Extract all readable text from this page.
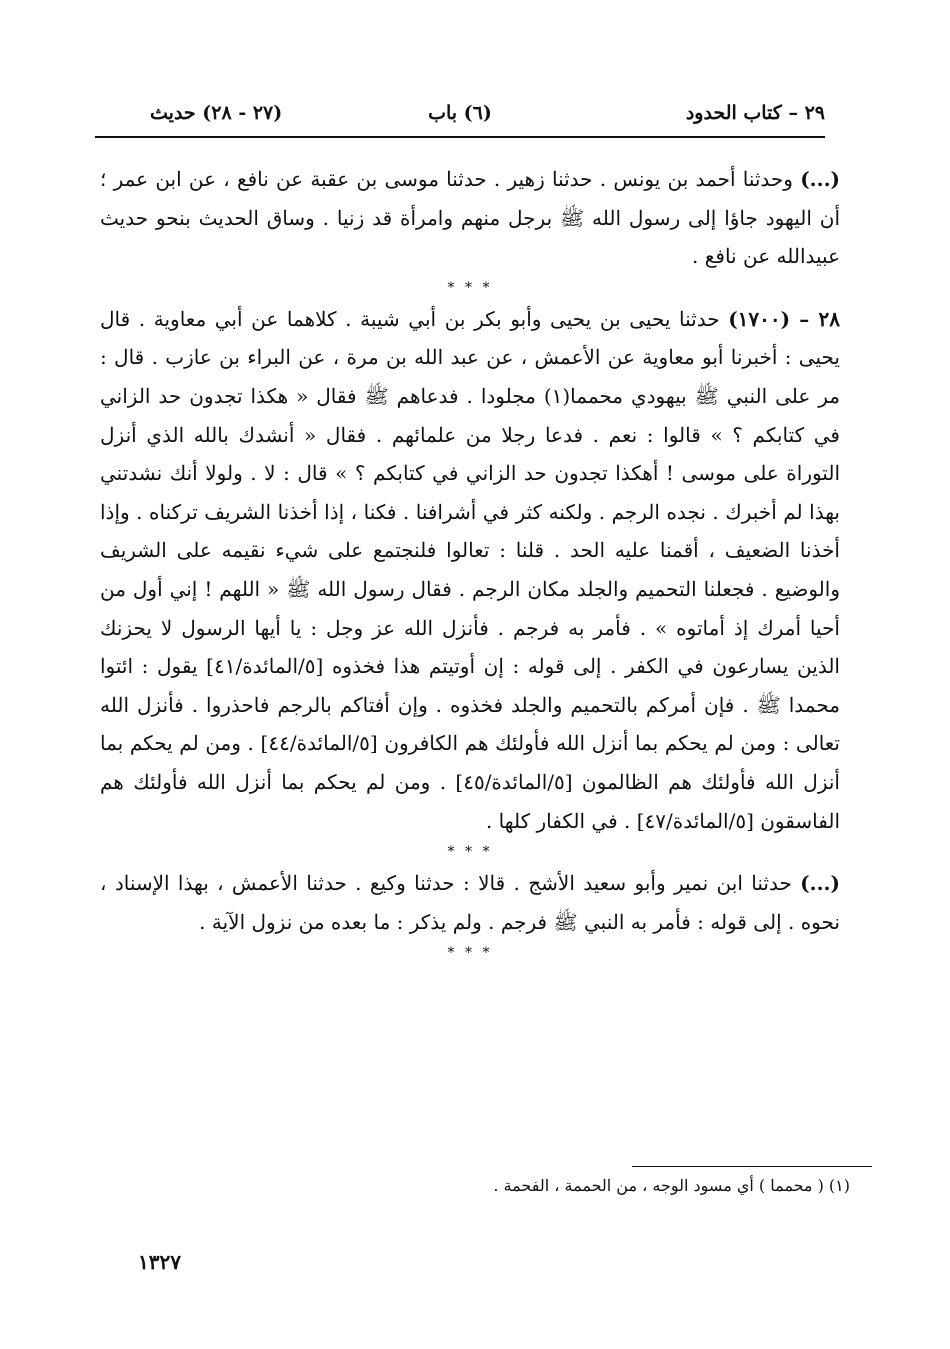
٢٩ – كتاب الحدود
(٦) باب
(٢٧ - ٢٨) حديث

(...) وحدثنا أحمد بن يونس . حدثنا زهير . حدثنا موسى بن عقبة عن نافع ، عن ابن عمر ؛ أن اليهود جاؤا إلى رسول الله ﷺ برجل منهم وامرأة قد زنيا . وساق الحديث بنحو حديث عبيدالله عن نافع .

* * *

٢٨ – (١٧٠٠) حدثنا يحيى بن يحيى وأبو بكر بن أبي شيبة . كلاهما عن أبي معاوية . قال يحيى : أخبرنا أبو معاوية عن الأعمش ، عن عبد الله بن مرة ، عن البراء بن عازب . قال : مر على النبي ﷺ بيهودي محمما(١) مجلودا . فدعاهم ﷺ فقال « هكذا تجدون حد الزاني في كتابكم ؟ » قالوا : نعم . فدعا رجلا من علمائهم . فقال « أنشدك بالله الذي أنزل التوراة على موسى ! أهكذا تجدون حد الزاني في كتابكم ؟ » قال : لا . ولولا أنك نشدتني بهذا لم أخبرك . نجده الرجم . ولكنه كثر في أشرافنا . فكنا ، إذا أخذنا الشريف تركناه . وإذا أخذنا الضعيف ، أقمنا عليه الحد . قلنا : تعالوا فلنجتمع على شيء نقيمه على الشريف والوضيع . فجعلنا التحميم والجلد مكان الرجم . فقال رسول الله ﷺ « اللهم ! إني أول من أحيا أمرك إذ أماتوه » . فأمر به فرجم . فأنزل الله عز وجل : يا أيها الرسول لا يحزنك الذين يسارعون في الكفر . إلى قوله : إن أوتيتم هذا فخذوه [٥/المائدة/٤١] يقول : ائتوا محمدا ﷺ . فإن أمركم بالتحميم والجلد فخذوه . وإن أفتاكم بالرجم فاحذروا . فأنزل الله تعالى : ومن لم يحكم بما أنزل الله فأولئك هم الكافرون [٥/المائدة/٤٤] . ومن لم يحكم بما أنزل الله فأولئك هم الظالمون [٥/المائدة/٤٥] . ومن لم يحكم بما أنزل الله فأولئك هم الفاسقون [٥/المائدة/٤٧] . في الكفار كلها .

* * *

(...) حدثنا ابن نمير وأبو سعيد الأشج . قالا : حدثنا وكيع . حدثنا الأعمش ، بهذا الإسناد ، نحوه . إلى قوله : فأمر به النبي ﷺ فرجم . ولم يذكر : ما بعده من نزول الآية .

* * *
(١) ( محمما ) أي مسود الوجه ، من الحممة ، الفحمة .
١٣٢٧
